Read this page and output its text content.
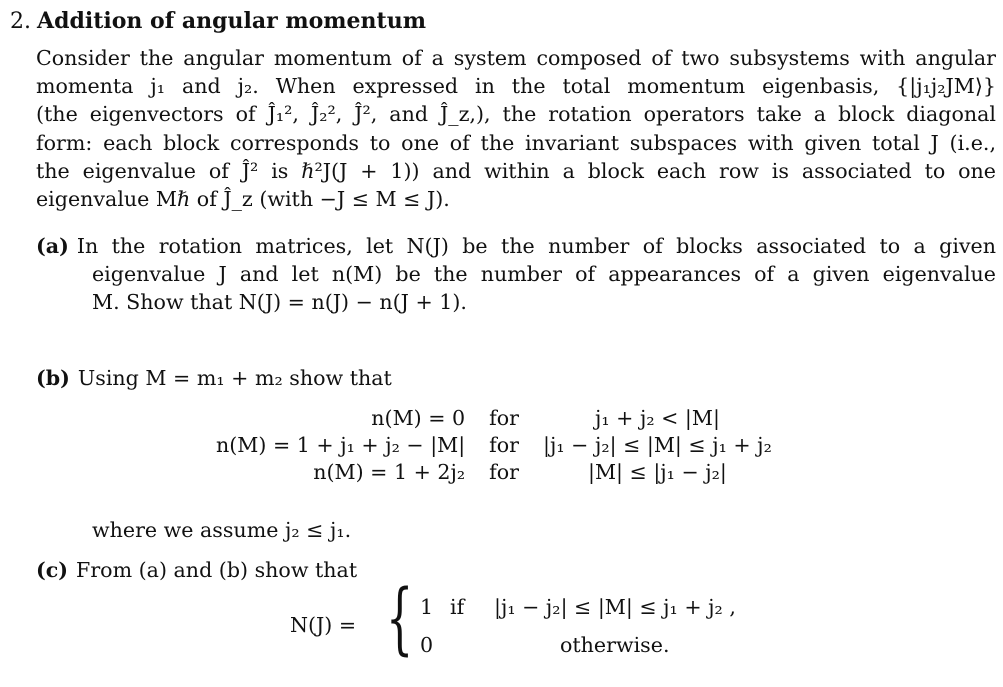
2. Addition of angular momentum
Consider the angular momentum of a system composed of two subsystems with angular
momenta j₁ and j₂. When expressed in the total momentum eigenbasis, {|j₁j₂JM⟩}
(the eigenvectors of Ĵ₁², Ĵ₂², Ĵ², and Ĵ_z,), the rotation operators take a block diagonal
form: each block corresponds to one of the invariant subspaces with given total J (i.e.,
the eigenvalue of Ĵ² is ℏ²J(J + 1)) and within a block each row is associated to one
eigenvalue Mℏ of Ĵ_z (with −J ≤ M ≤ J).
(a) In the rotation matrices, let N(J) be the number of blocks associated to a given
eigenvalue J and let n(M) be the number of appearances of a given eigenvalue
M. Show that N(J) = n(J) − n(J + 1).
(b) Using M = m₁ + m₂ show that
n(M) = 0	for	j₁ + j₂ < |M|
n(M) = 1 + j₁ + j₂ − |M|	for	|j₁ − j₂| ≤ |M| ≤ j₁ + j₂
n(M) = 1 + 2j₂	for	|M| ≤ |j₁ − j₂|
where we assume j₂ ≤ j₁.
(c) From (a) and (b) show that
N(J) = { 1 if |j₁ − j₂| ≤ |M| ≤ j₁ + j₂ ,
0	otherwise.
